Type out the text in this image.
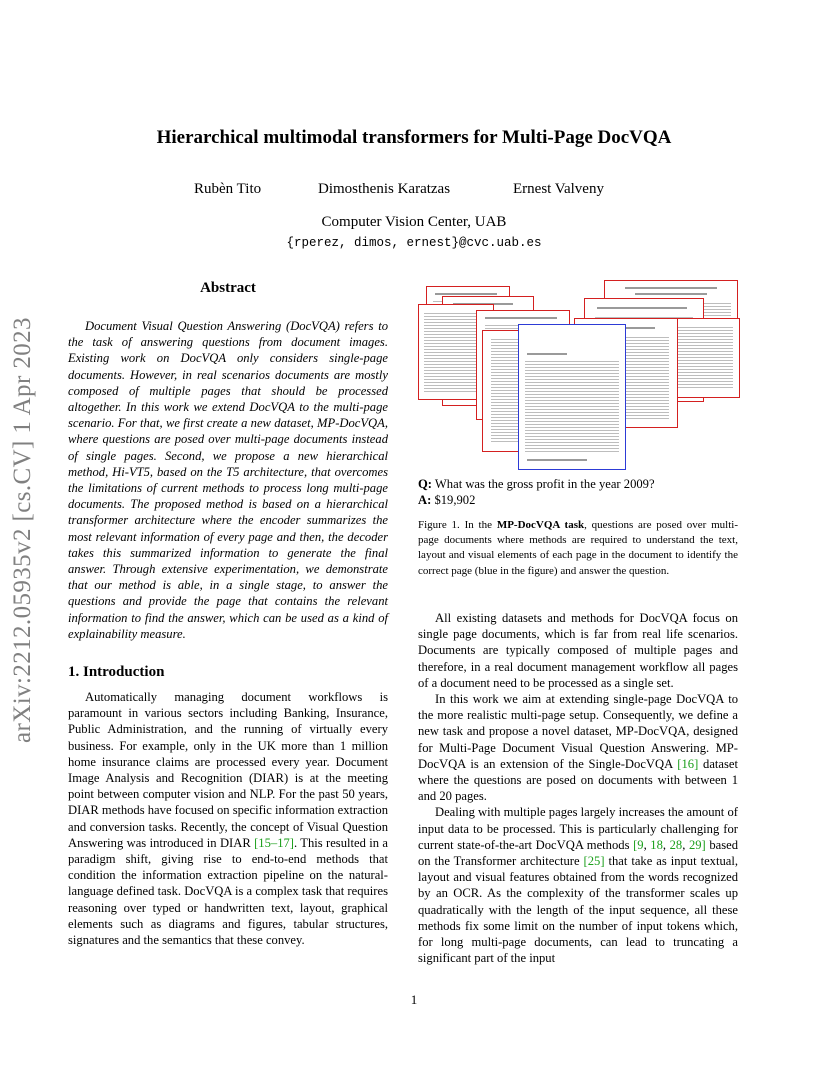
arXiv:2212.05935v2 [cs.CV] 1 Apr 2023
Hierarchical multimodal transformers for Multi-Page DocVQA
Rubèn Tito	Dimosthenis Karatzas	Ernest Valveny
Computer Vision Center, UAB
{rperez, dimos, ernest}@cvc.uab.es
Abstract

Document Visual Question Answering (DocVQA) refers to the task of answering questions from document images. Existing work on DocVQA only considers single-page documents. However, in real scenarios documents are mostly composed of multiple pages that should be processed altogether. In this work we extend DocVQA to the multi-page scenario. For that, we first create a new dataset, MP-DocVQA, where questions are posed over multi-page documents instead of single pages. Second, we propose a new hierarchical method, Hi-VT5, based on the T5 architecture, that overcomes the limitations of current methods to process long multi-page documents. The proposed method is based on a hierarchical transformer architecture where the encoder summarizes the most relevant information of every page and then, the decoder takes this summarized information to generate the final answer. Through extensive experimentation, we demonstrate that our method is able, in a single stage, to answer the questions and provide the page that contains the relevant information to find the answer, which can be used as a kind of explainability measure.

1. Introduction

Automatically managing document workflows is paramount in various sectors including Banking, Insurance, Public Administration, and the running of virtually every business. For example, only in the UK more than 1 million home insurance claims are processed every year. Document Image Analysis and Recognition (DIAR) is at the meeting point between computer vision and NLP. For the past 50 years, DIAR methods have focused on specific information extraction and conversion tasks. Recently, the concept of Visual Question Answering was introduced in DIAR [15–17]. This resulted in a paradigm shift, giving rise to end-to-end methods that condition the information extraction pipeline on the natural-language defined task. DocVQA is a complex task that requires reasoning over typed or handwritten text, layout, graphical elements such as diagrams and figures, tabular structures, signatures and the semantics that these convey.

Q: What was the gross profit in the year 2009?
A: $19,902
Figure 1. In the MP-DocVQA task, questions are posed over multi-page documents where methods are required to understand the text, layout and visual elements of each page in the document to identify the correct page (blue in the figure) and answer the question.

All existing datasets and methods for DocVQA focus on single page documents, which is far from real life scenarios. Documents are typically composed of multiple pages and therefore, in a real document management workflow all pages of a document need to be processed as a single set.

In this work we aim at extending single-page DocVQA to the more realistic multi-page setup. Consequently, we define a new task and propose a novel dataset, MP-DocVQA, designed for Multi-Page Document Visual Question Answering. MP-DocVQA is an extension of the Single-DocVQA [16] dataset where the questions are posed on documents with between 1 and 20 pages.

Dealing with multiple pages largely increases the amount of input data to be processed. This is particularly challenging for current state-of-the-art DocVQA methods [9, 18, 28, 29] based on the Transformer architecture [25] that take as input textual, layout and visual features obtained from the words recognized by an OCR. As the complexity of the transformer scales up quadratically with the length of the input sequence, all these methods fix some limit on the number of input tokens which, for long multi-page documents, can lead to truncating a significant part of the input

1
